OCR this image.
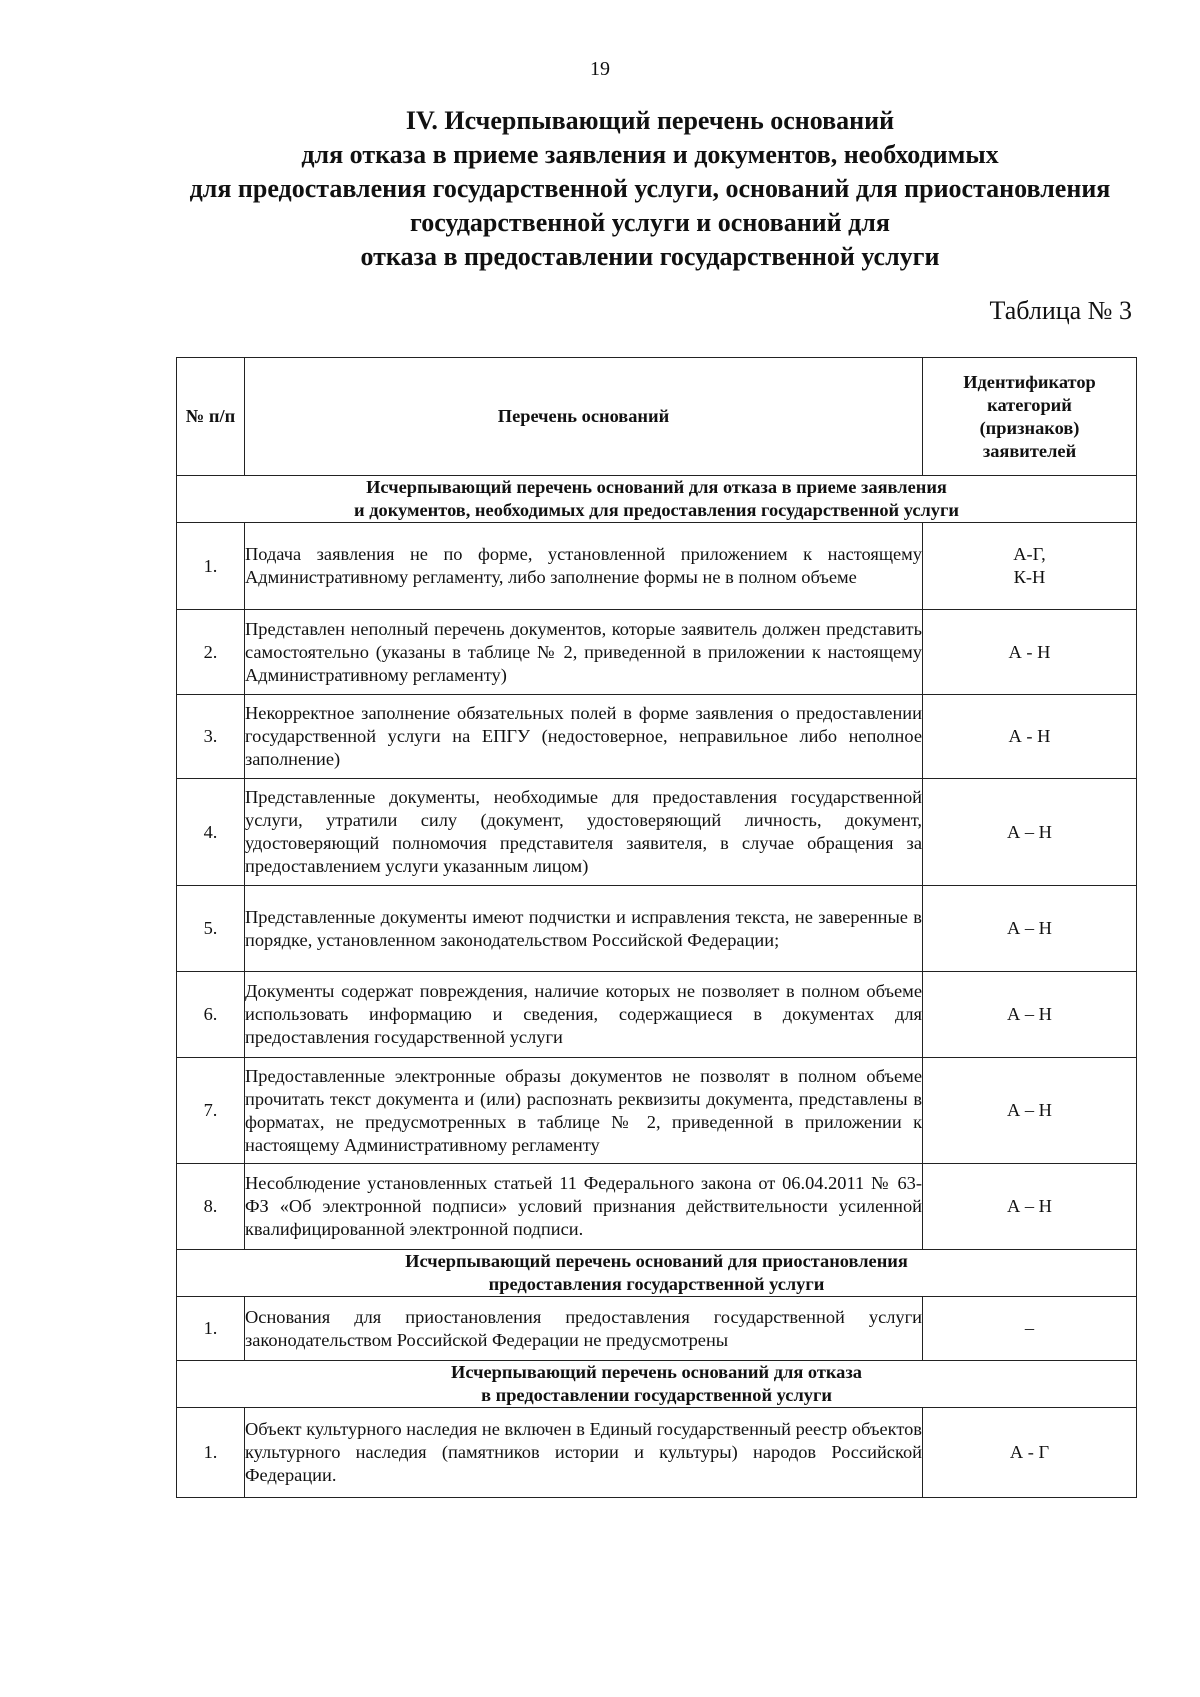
19
IV. Исчерпывающий перечень оснований
для отказа в приеме заявления и документов, необходимых
для предоставления государственной услуги, оснований для приостановления
государственной услуги и оснований для
отказа в предоставлении государственной услуги
Таблица № 3
№ п/п	Перечень оснований	Идентификатор
категорий
(признаков)
заявителей

Исчерпывающий перечень оснований для отказа в приеме заявления
и документов, необходимых для предоставления государственной услуги		

1.	Подача заявления не по форме, установленной приложением к настоящему Административному регламенту, либо заполнение формы не в полном объеме	А-Г,
К-Н

2.	Представлен неполный перечень документов, которые заявитель должен представить самостоятельно (указаны в таблице № 2, приведенной в приложении к настоящему Административному регламенту)	А - Н
3.	Некорректное заполнение обязательных полей в форме заявления о предоставлении государственной услуги на ЕПГУ (недостоверное, неправильное либо неполное заполнение)	А - Н
4.	Представленные документы, необходимые для предоставления государственной услуги, утратили силу (документ, удостоверяющий личность, документ, удостоверяющий полномочия представителя заявителя, в случае обращения за предоставлением услуги указанным лицом)	А – Н
5.	Представленные документы имеют подчистки и исправления текста, не заверенные в порядке, установленном законодательством Российской Федерации;	А – Н
6.	Документы содержат повреждения, наличие которых не позволяет в полном объеме использовать информацию и сведения, содержащиеся в документах для предоставления государственной услуги	А – Н
7.	Предоставленные электронные образы документов не позволят в полном объеме прочитать текст документа и (или) распознать реквизиты документа, представлены в форматах, не предусмотренных в таблице № 2, приведенной в приложении к настоящему Административному регламенту	А – Н
8.	Несоблюдение установленных статьей 11 Федерального закона от 06.04.2011 № 63-ФЗ «Об электронной подписи» условий признания действительности усиленной квалифицированной электронной подписи.	А – Н

Исчерпывающий перечень оснований для приостановления
предоставления государственной услуги		

1.	Основания для приостановления предоставления государственной услуги законодательством Российской Федерации не предусмотрены	–

Исчерпывающий перечень оснований для отказа
в предоставлении государственной услуги		

1.	Объект культурного наследия не включен в Единый государственный реестр объектов культурного наследия (памятников истории и культуры) народов Российской Федерации.	А - Г
